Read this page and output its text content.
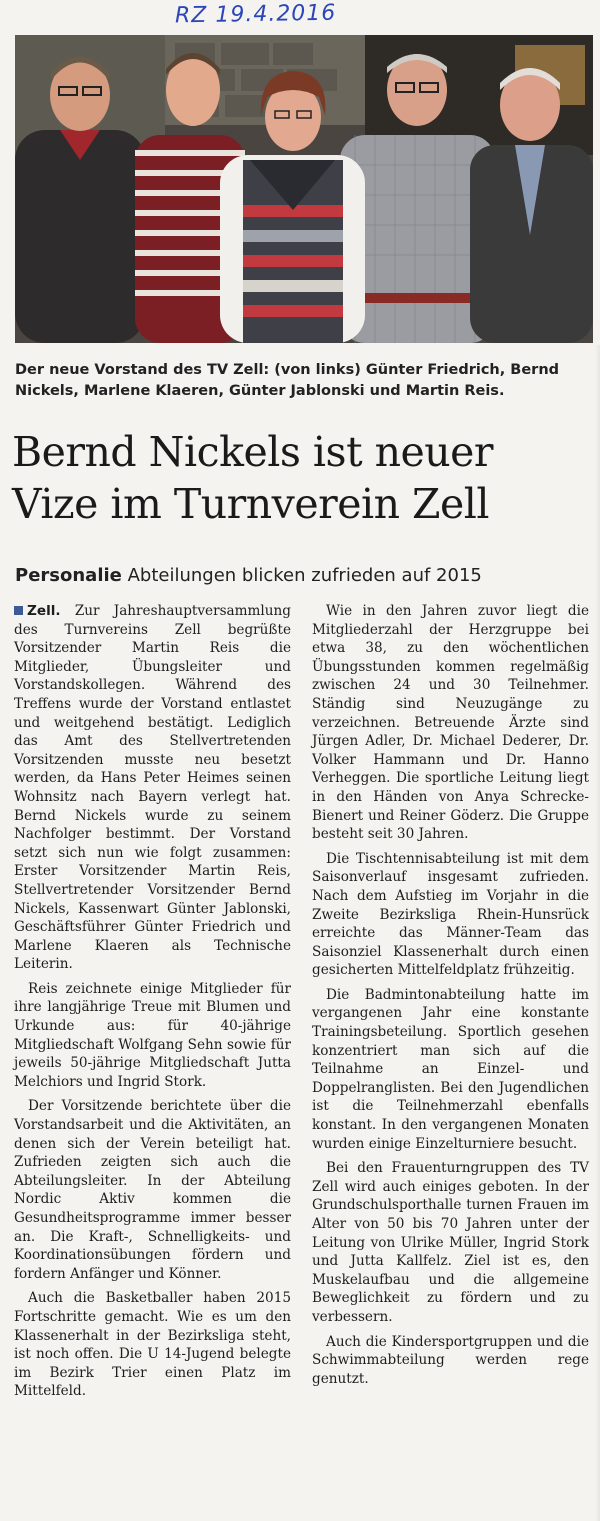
RZ 19.4.2016
Der neue Vorstand des TV Zell: (von links) Günter Friedrich, Bernd Nickels, Marlene Klaeren, Günter Jablonski und Martin Reis.
Bernd Nickels ist neuer
Vize im Turnverein Zell
Personalie Abteilungen blicken zufrieden auf 2015

Zell. Zur Jahreshauptversammlung des Turnvereins Zell begrüßte Vorsitzender Martin Reis die Mitglieder, Übungsleiter und Vorstandskollegen. Während des Treffens wurde der Vorstand entlastet und weitgehend bestätigt. Lediglich das Amt des Stellvertretenden Vorsitzenden musste neu besetzt werden, da Hans Peter Heimes seinen Wohnsitz nach Bayern verlegt hat. Bernd Nickels wurde zu seinem Nachfolger bestimmt. Der Vorstand setzt sich nun wie folgt zusammen: Erster Vorsitzender Martin Reis, Stellvertretender Vorsitzender Bernd Nickels, Kassenwart Günter Jablonski, Geschäftsführer Günter Friedrich und Marlene Klaeren als Technische Leiterin.

Reis zeichnete einige Mitglieder für ihre langjährige Treue mit Blumen und Urkunde aus: für 40-jährige Mitgliedschaft Wolfgang Sehn sowie für jeweils 50-jährige Mitgliedschaft Jutta Melchiors und Ingrid Stork.

Der Vorsitzende berichtete über die Vorstandsarbeit und die Aktivitäten, an denen sich der Verein beteiligt hat. Zufrieden zeigten sich auch die Abteilungsleiter. In der Abteilung Nordic Aktiv kommen die Gesundheitsprogramme immer besser an. Die Kraft-, Schnelligkeits- und Koordinationsübungen fördern und fordern Anfänger und Könner.

Auch die Basketballer haben 2015 Fortschritte gemacht. Wie es um den Klassenerhalt in der Bezirksliga steht, ist noch offen. Die U 14-Jugend belegte im Bezirk Trier einen Platz im Mittelfeld.

Wie in den Jahren zuvor liegt die Mitgliederzahl der Herzgruppe bei etwa 38, zu den wöchentlichen Übungsstunden kommen regelmäßig zwischen 24 und 30 Teilnehmer. Ständig sind Neuzugänge zu verzeichnen. Betreuende Ärzte sind Jürgen Adler, Dr. Michael Dederer, Dr. Volker Hammann und Dr. Hanno Verheggen. Die sportliche Leitung liegt in den Händen von Anya Schrecke-Bienert und Reiner Göderz. Die Gruppe besteht seit 30 Jahren.

Die Tischtennisabteilung ist mit dem Saisonverlauf insgesamt zufrieden. Nach dem Aufstieg im Vorjahr in die Zweite Bezirksliga Rhein-Hunsrück erreichte das Männer-Team das Saisonziel Klassenerhalt durch einen gesicherten Mittelfeldplatz frühzeitig.

Die Badmintonabteilung hatte im vergangenen Jahr eine konstante Trainingsbeteilung. Sportlich gesehen konzentriert man sich auf die Teilnahme an Einzel- und Doppelranglisten. Bei den Jugendlichen ist die Teilnehmerzahl ebenfalls konstant. In den vergangenen Monaten wurden einige Einzelturniere besucht.

Bei den Frauenturngruppen des TV Zell wird auch einiges geboten. In der Grundschulsporthalle turnen Frauen im Alter von 50 bis 70 Jahren unter der Leitung von Ulrike Müller, Ingrid Stork und Jutta Kallfelz. Ziel ist es, den Muskelaufbau und die allgemeine Beweglichkeit zu fördern und zu verbessern.

Auch die Kindersportgruppen und die Schwimmabteilung werden rege genutzt.
